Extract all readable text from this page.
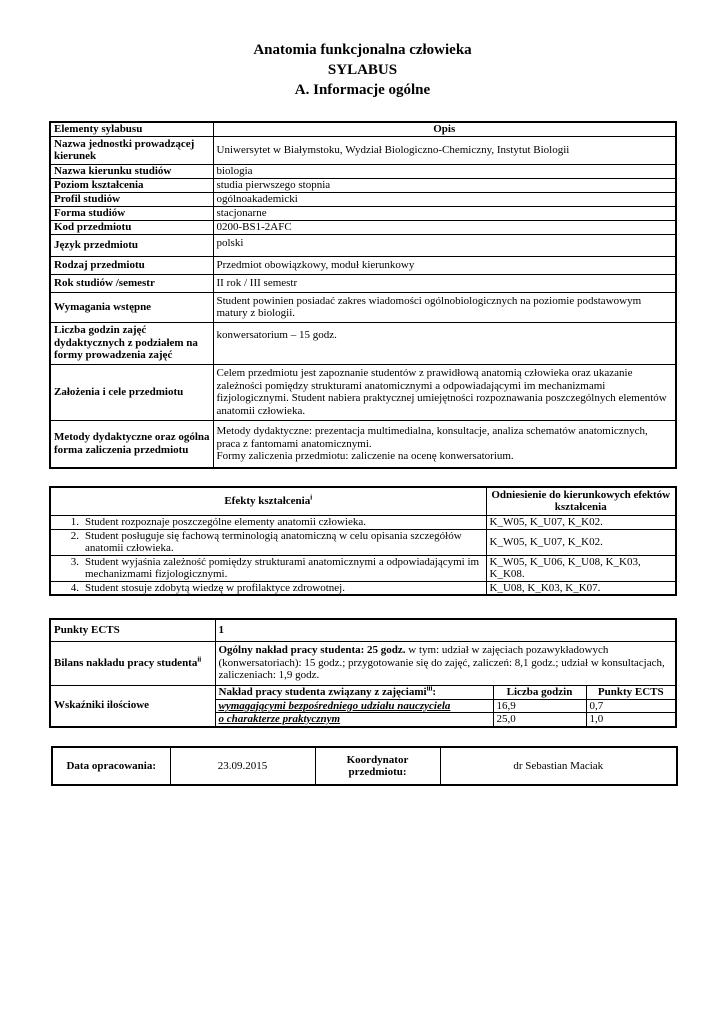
Anatomia funkcjonalna człowieka
SYLABUS
A. Informacje ogólne
Elementy sylabusu	Opis
Nazwa jednostki prowadzącej kierunek	Uniwersytet w Białymstoku, Wydział Biologiczno-Chemiczny, Instytut Biologii
Nazwa kierunku studiów	biologia
Poziom kształcenia	studia pierwszego stopnia
Profil studiów	ogólnoakademicki
Forma studiów	stacjonarne
Kod przedmiotu	0200-BS1-2AFC
Język przedmiotu	polski
Rodzaj przedmiotu	Przedmiot obowiązkowy, moduł kierunkowy
Rok studiów /semestr	II rok / III semestr
Wymagania wstępne	Student powinien posiadać zakres wiadomości ogólnobiologicznych na poziomie podstawowym matury z biologii.
Liczba godzin zajęć dydaktycznych z podziałem na formy prowadzenia zajęć	konwersatorium – 15 godz.
Założenia i cele przedmiotu	Celem przedmiotu jest zapoznanie studentów z prawidłową anatomią człowieka oraz ukazanie zależności pomiędzy strukturami anatomicznymi a odpowiadającymi im mechanizmami fizjologicznymi. Student nabiera praktycznej umiejętności rozpoznawania poszczególnych elementów anatomii człowieka.
Metody dydaktyczne oraz ogólna forma zaliczenia przedmiotu	Metody dydaktyczne: prezentacja multimedialna, konsultacje, analiza schematów anatomicznych, praca z fantomami anatomicznymi.
Formy zaliczenia przedmiotu: zaliczenie na ocenę konwersatorium.
Efekty kształcenia$^i$	Odniesienie do kierunkowych efektów kształcenia
1. Student rozpoznaje poszczególne elementy anatomii człowieka.	K_W05, K_U07, K_K02.
2. Student posługuje się fachową terminologią anatomiczną w celu opisania szczegółów anatomii człowieka.	K_W05, K_U07, K_K02.
3. Student wyjaśnia zależność pomiędzy strukturami anatomicznymi a odpowiadającymi im mechanizmami fizjologicznymi.	K_W05, K_U06, K_U08, K_K03, K_K08.
4. Student stosuje zdobytą wiedzę w profilaktyce zdrowotnej.	K_U08, K_K03, K_K07.
Punkty ECTS	1		
Bilans nakładu pracy studenta$^{ii}$	Ogólny nakład pracy studenta: 25 godz. w tym: udział w zajęciach pozawykładowych (konwersatoriach): 15 godz.; przygotowanie się do zajęć, zaliczeń: 8,1 godz.; udział w konsultacjach, zaliczeniach: 1,9 godz.		
Wskaźniki ilościowe	Nakład pracy studenta związany z zajęciami$^{iii}$:	Liczba godzin	Punkty ECTS
	wymagającymi bezpośredniego udziału nauczyciela	16,9	0,7
	o charakterze praktycznym	25,0	1,0
Data opracowania:	23.09.2015	Koordynator przedmiotu:	dr Sebastian Maciak
